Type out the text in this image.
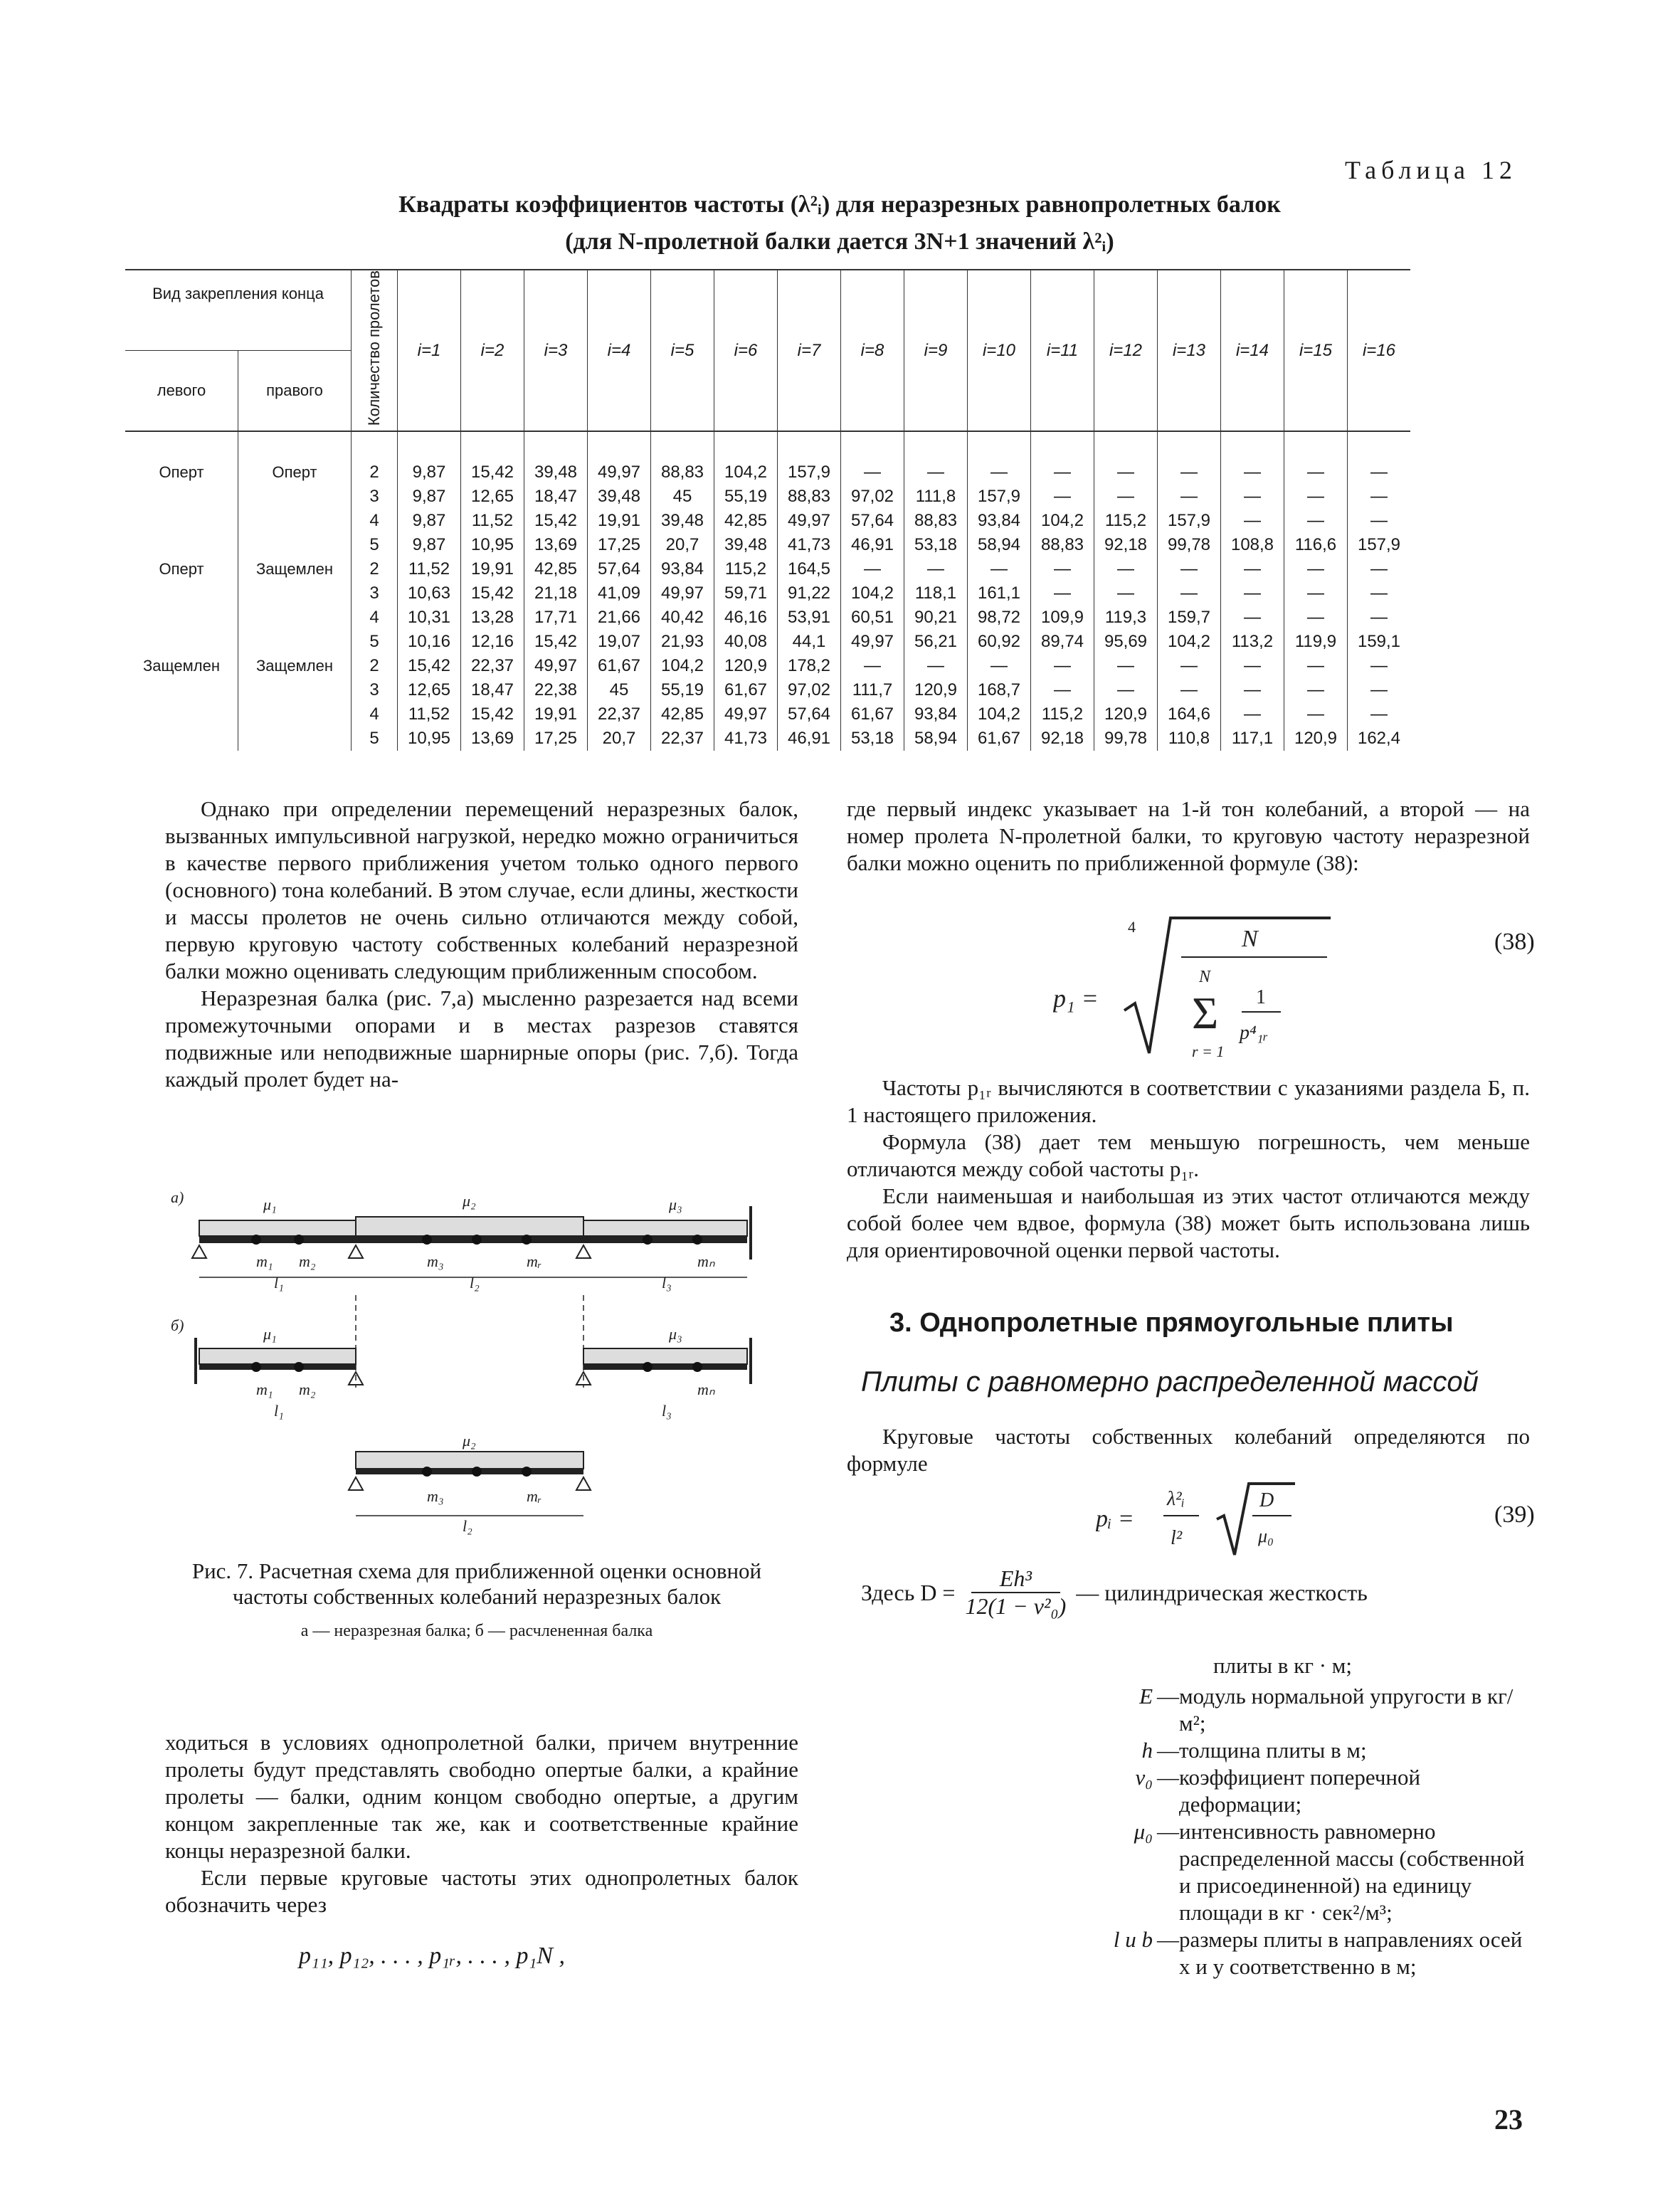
Таблица 12
Квадраты коэффициентов частоты (λ²ᵢ) для неразрезных равнопролетных балок
(для N-пролетной балки дается 3N+1 значений λ²ᵢ)
Вид закрепления конца		Количество пролетов	i=1	i=2	i=3	i=4	i=5	i=6	i=7	i=8	i=9	i=10	i=11	i=12	i=13	i=14	i=15	i=16
левого	правого																	
Оперт	Оперт	2	9,87	15,42	39,48	49,97	88,83	104,2	157,9	—	—	—	—	—	—	—	—	—
		3	9,87	12,65	18,47	39,48	45	55,19	88,83	97,02	111,8	157,9	—	—	—	—	—	—
		4	9,87	11,52	15,42	19,91	39,48	42,85	49,97	57,64	88,83	93,84	104,2	115,2	157,9	—	—	—
		5	9,87	10,95	13,69	17,25	20,7	39,48	41,73	46,91	53,18	58,94	88,83	92,18	99,78	108,8	116,6	157,9
Оперт	Защемлен	2	11,52	19,91	42,85	57,64	93,84	115,2	164,5	—	—	—	—	—	—	—	—	—
		3	10,63	15,42	21,18	41,09	49,97	59,71	91,22	104,2	118,1	161,1	—	—	—	—	—	—
		4	10,31	13,28	17,71	21,66	40,42	46,16	53,91	60,51	90,21	98,72	109,9	119,3	159,7	—	—	—
		5	10,16	12,16	15,42	19,07	21,93	40,08	44,1	49,97	56,21	60,92	89,74	95,69	104,2	113,2	119,9	159,1
Защемлен	Защемлен	2	15,42	22,37	49,97	61,67	104,2	120,9	178,2	—	—	—	—	—	—	—	—	—
		3	12,65	18,47	22,38	45	55,19	61,67	97,02	111,7	120,9	168,7	—	—	—	—	—	—
		4	11,52	15,42	19,91	22,37	42,85	49,97	57,64	61,67	93,84	104,2	115,2	120,9	164,6	—	—	—
		5	10,95	13,69	17,25	20,7	22,37	41,73	46,91	53,18	58,94	61,67	92,18	99,78	110,8	117,1	120,9	162,4

Однако при определении перемещений неразрезных балок, вызванных импульсивной нагрузкой, нередко можно ограничиться в качестве первого приближения учетом только одного первого (основного) тона колебаний. В этом случае, если длины, жесткости и массы пролетов не очень сильно отличаются между собой, первую круговую частоту собственных колебаний неразрезной балки можно оценивать следующим приближенным способом.

Неразрезная балка (рис. 7,а) мысленно разрезается над всеми промежуточными опорами и в местах разрезов ставятся подвижные или неподвижные шарнирные опоры (рис. 7,б). Тогда каждый пролет будет на-

а)	μ₁	μ₂	μ₃
m₁ m₂	m₃	mᵣ	mₙ
l₁	l₂	l₃
б)	μ₁
m₁ m₂
l₁
μ₃
mₙ
l₃
μ₂
m₃	mᵣ
l₂
Рис. 7. Расчетная схема для приближенной оценки основной частоты собственных колебаний неразрезных балок
а — неразрезная балка; б — расчлененная балка

ходиться в условиях однопролетной балки, причем внутренние пролеты будут представлять свободно опертые балки, а крайние пролеты — балки, одним концом свободно опертые, а другим концом закрепленные так же, как и соответственные крайние концы неразрезной балки.

Если первые круговые частоты этих однопролетных балок обозначить через

p₁₁, p₁₂, . . . , p₁ᵣ, . . . , p₁N ,

где первый индекс указывает на 1-й тон колебаний, а второй — на номер пролета N-пролетной балки, то круговую частоту неразрезной балки можно оценить по приближенной формуле (38):

p₁ =
4	N
N
Σ
r = 1
1
p⁴₁ᵣ
(38)

Частоты p₁ᵣ вычисляются в соответствии с указаниями раздела Б, п. 1 настоящего приложения.

Формула (38) дает тем меньшую погрешность, чем меньше отличаются между собой частоты p₁ᵣ.

Если наименьшая и наибольшая из этих частот отличаются между собой более чем вдвое, формула (38) может быть использована лишь для ориентировочной оценки первой частоты.

3. Однопролетные прямоугольные плиты
Плиты с равномерно распределенной массой

Круговые частоты собственных колебаний определяются по формуле

pᵢ =
λ²ᵢ
l²
D
μ₀
(39)
Здесь $D = \frac{\text{Eh³}}{\text{12(1 − ν²₀)}}$ — цилиндрическая жесткость
плиты в кг · м;
E — модуль нормальной упругости в кг/м²;
h — толщина плиты в м;
ν₀ — коэффициент поперечной деформации;
μ₀ — интенсивность равномерно распределенной массы (собственной и присоединенной) на единицу площади в кг · сек²/м³;
l и b — размеры плиты в направлениях осей x и y соответственно в м;
23
